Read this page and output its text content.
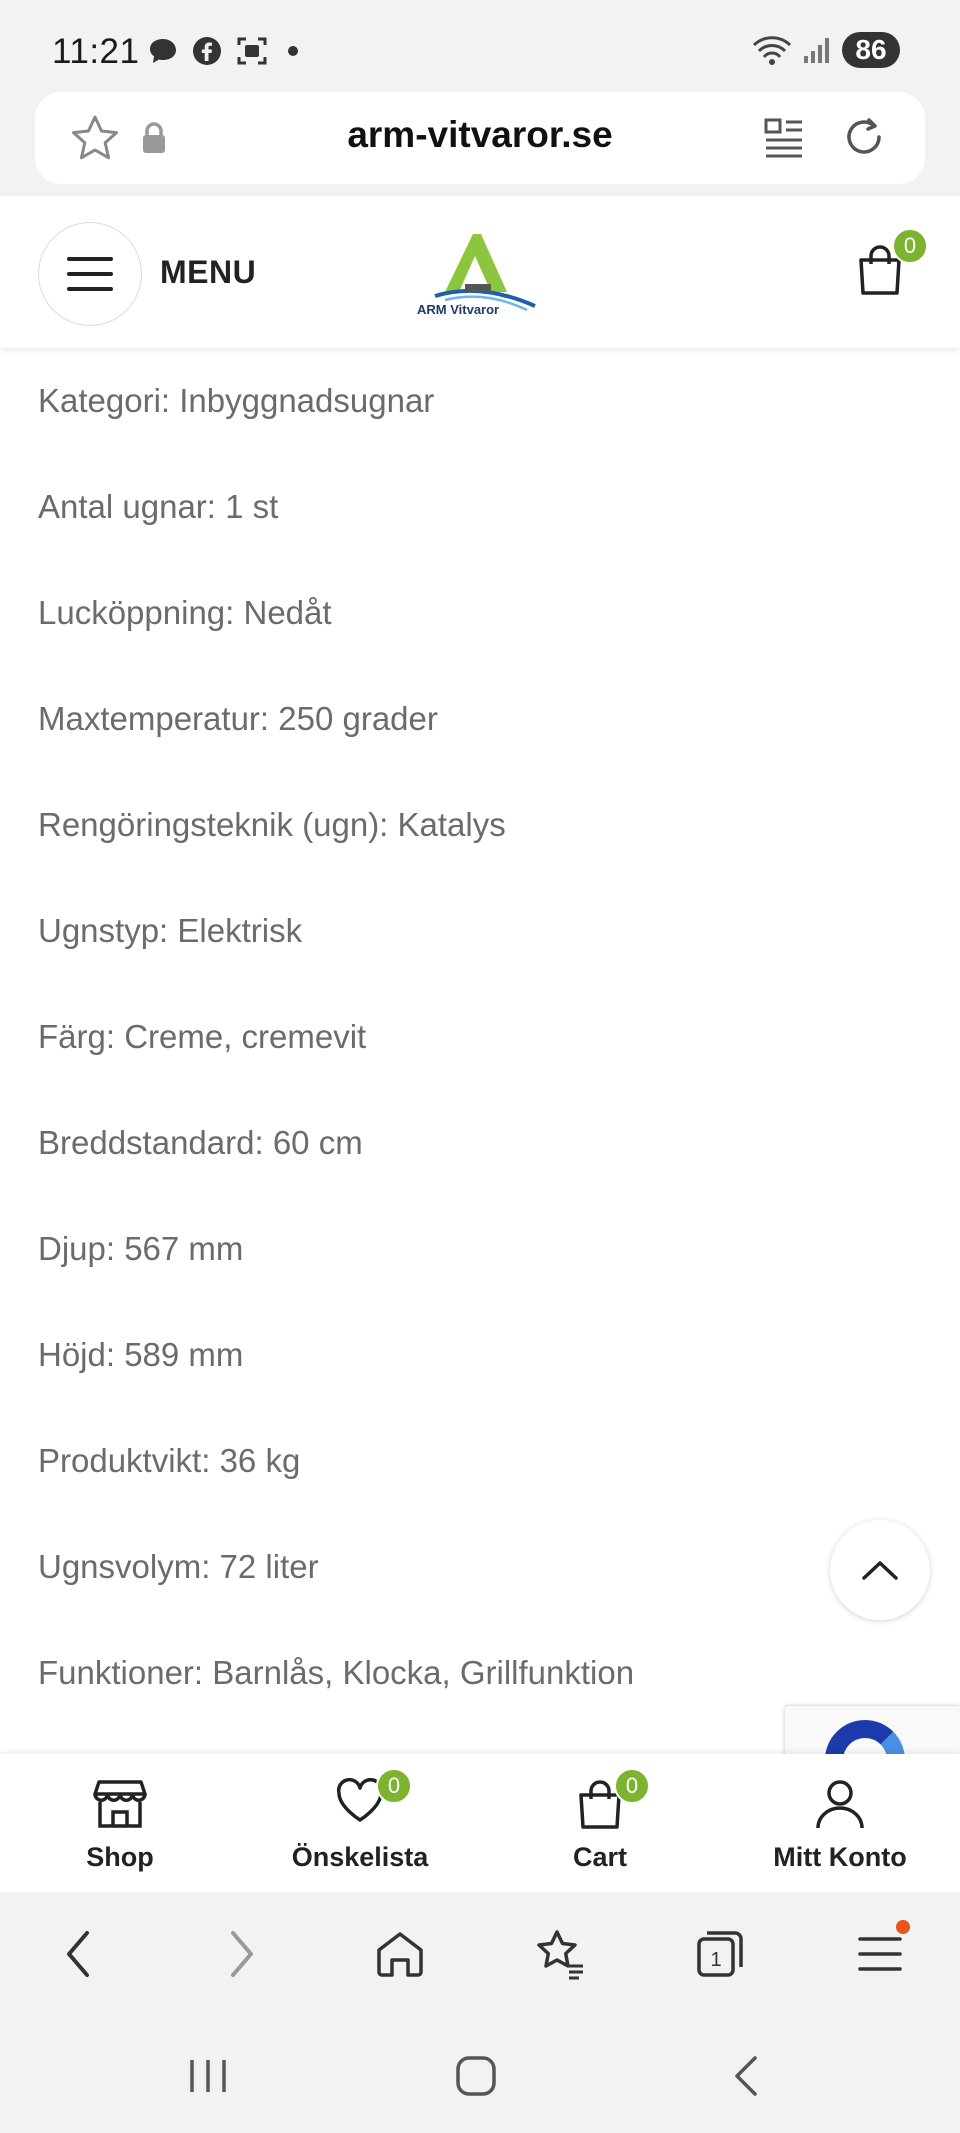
11:21	86
arm-vitvaror.se
MENU
ARM Vitvaror
0
Kategori: Inbyggnadsugnar
Antal ugnar: 1 st
Lucköppning: Nedåt
Maxtemperatur: 250 grader
Rengöringsteknik (ugn): Katalys
Ugnstyp: Elektrisk
Färg: Creme, cremevit
Breddstandard: 60 cm
Djup: 567 mm
Höjd: 589 mm
Produktvikt: 36 kg
Ugnsvolym: 72 liter
Funktioner: Barnlås, Klocka, Grillfunktion
Shop
0
Önskelista
0
Cart	Mitt Konto
1
